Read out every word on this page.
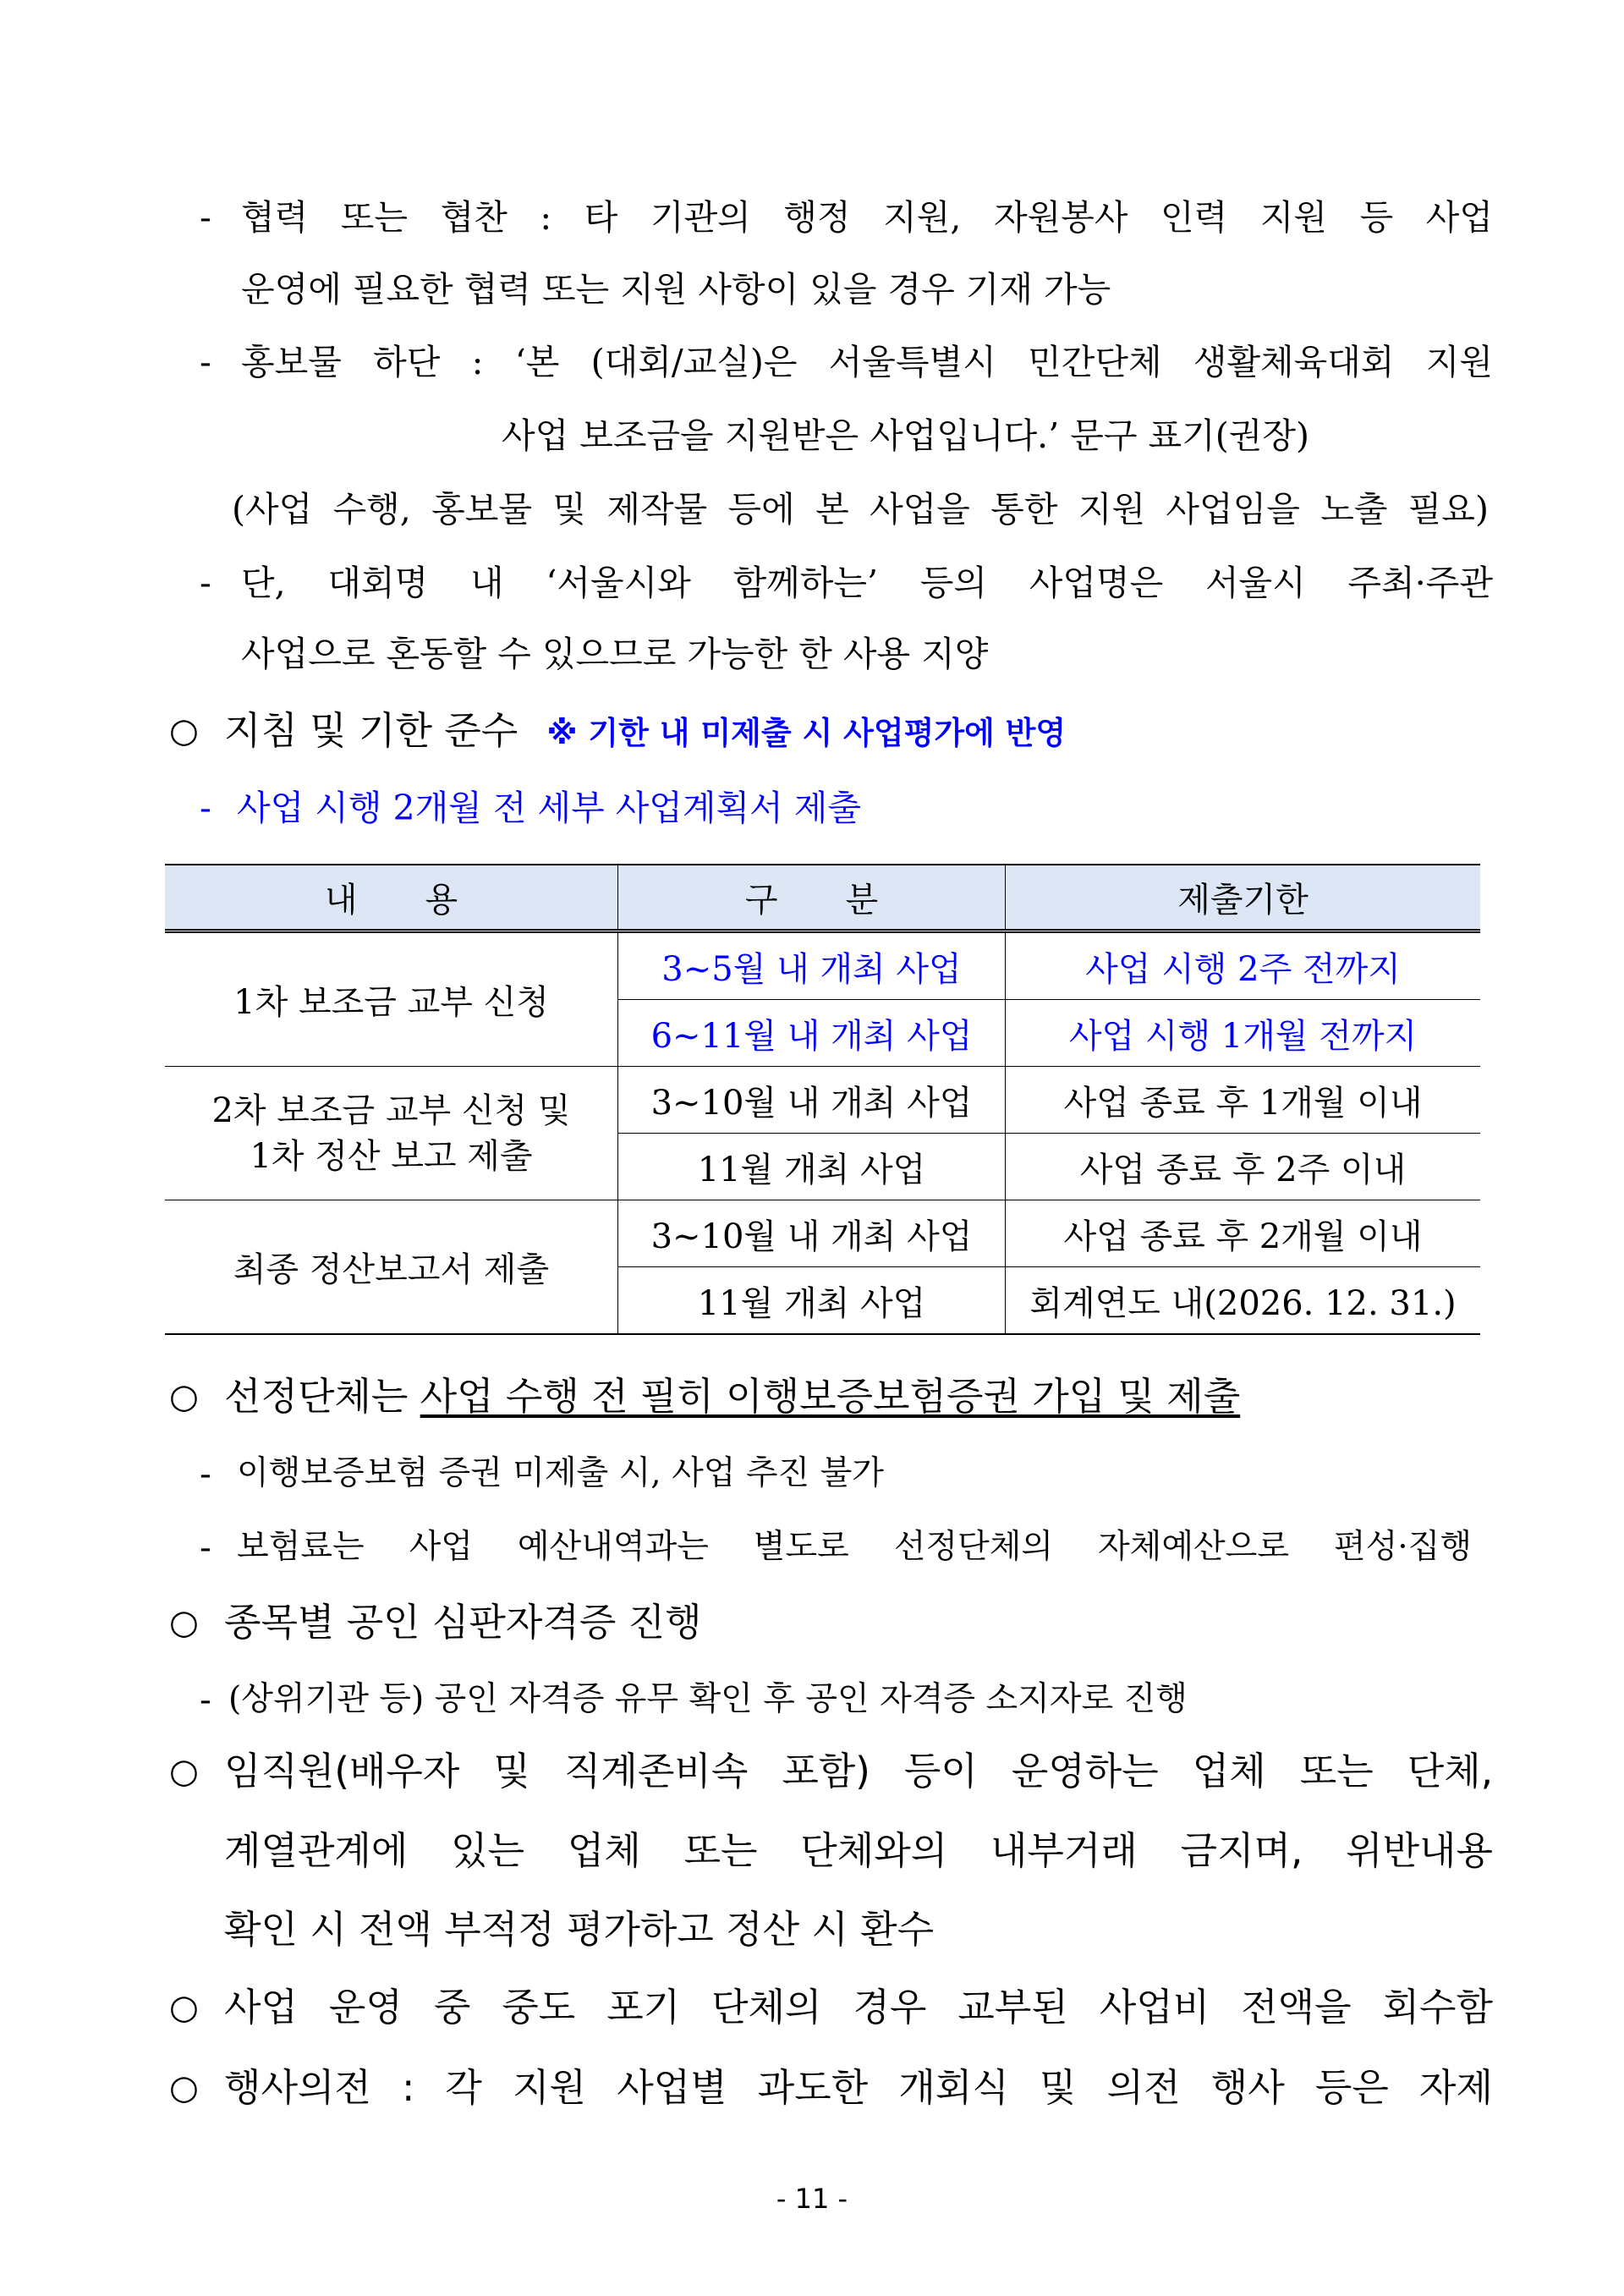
- 협력 또는 협찬 : 타 기관의 행정 지원, 자원봉사 인력 지원 등 사업
운영에 필요한 협력 또는 지원 사항이 있을 경우 기재 가능
- 홍보물 하단 : ‘본 (대회/교실)은 서울특별시 민간단체 생활체육대회 지원
사업 보조금을 지원받은 사업입니다.’ 문구 표기(권장)
(사업 수행, 홍보물 및 제작물 등에 본 사업을 통한 지원 사업임을 노출 필요)
- 단, 대회명 내 ‘서울시와 함께하는’ 등의 사업명은 서울시 주최·주관
사업으로 혼동할 수 있으므로 가능한 한 사용 지양
○ 지침 및 기한 준수 ※ 기한 내 미제출 시 사업평가에 반영
- 사업 시행 2개월 전 세부 사업계획서 제출
내　　용	구　　분	제출기한
1차 보조금 교부 신청	3~5월 내 개최 사업	사업 시행 2주 전까지
	6~11월 내 개최 사업	사업 시행 1개월 전까지
2차 보조금 교부 신청 및
1차 정산 보고 제출	3~10월 내 개최 사업	사업 종료 후 1개월 이내
	11월 개최 사업	사업 종료 후 2주 이내
최종 정산보고서 제출	3~10월 내 개최 사업	사업 종료 후 2개월 이내
	11월 개최 사업	회계연도 내(2026. 12. 31.)
○ 선정단체는 사업 수행 전 필히 이행보증보험증권 가입 및 제출
- 이행보증보험 증권 미제출 시, 사업 추진 불가
- 보험료는 사업 예산내역과는 별도로 선정단체의 자체예산으로 편성·집행
○ 종목별 공인 심판자격증 진행
- (상위기관 등) 공인 자격증 유무 확인 후 공인 자격증 소지자로 진행
○ 임직원(배우자 및 직계존비속 포함) 등이 운영하는 업체 또는 단체,
계열관계에 있는 업체 또는 단체와의 내부거래 금지며, 위반내용
확인 시 전액 부적정 평가하고 정산 시 환수
○ 사업 운영 중 중도 포기 단체의 경우 교부된 사업비 전액을 회수함
○ 행사의전 : 각 지원 사업별 과도한 개회식 및 의전 행사 등은 자제
- 11 -
